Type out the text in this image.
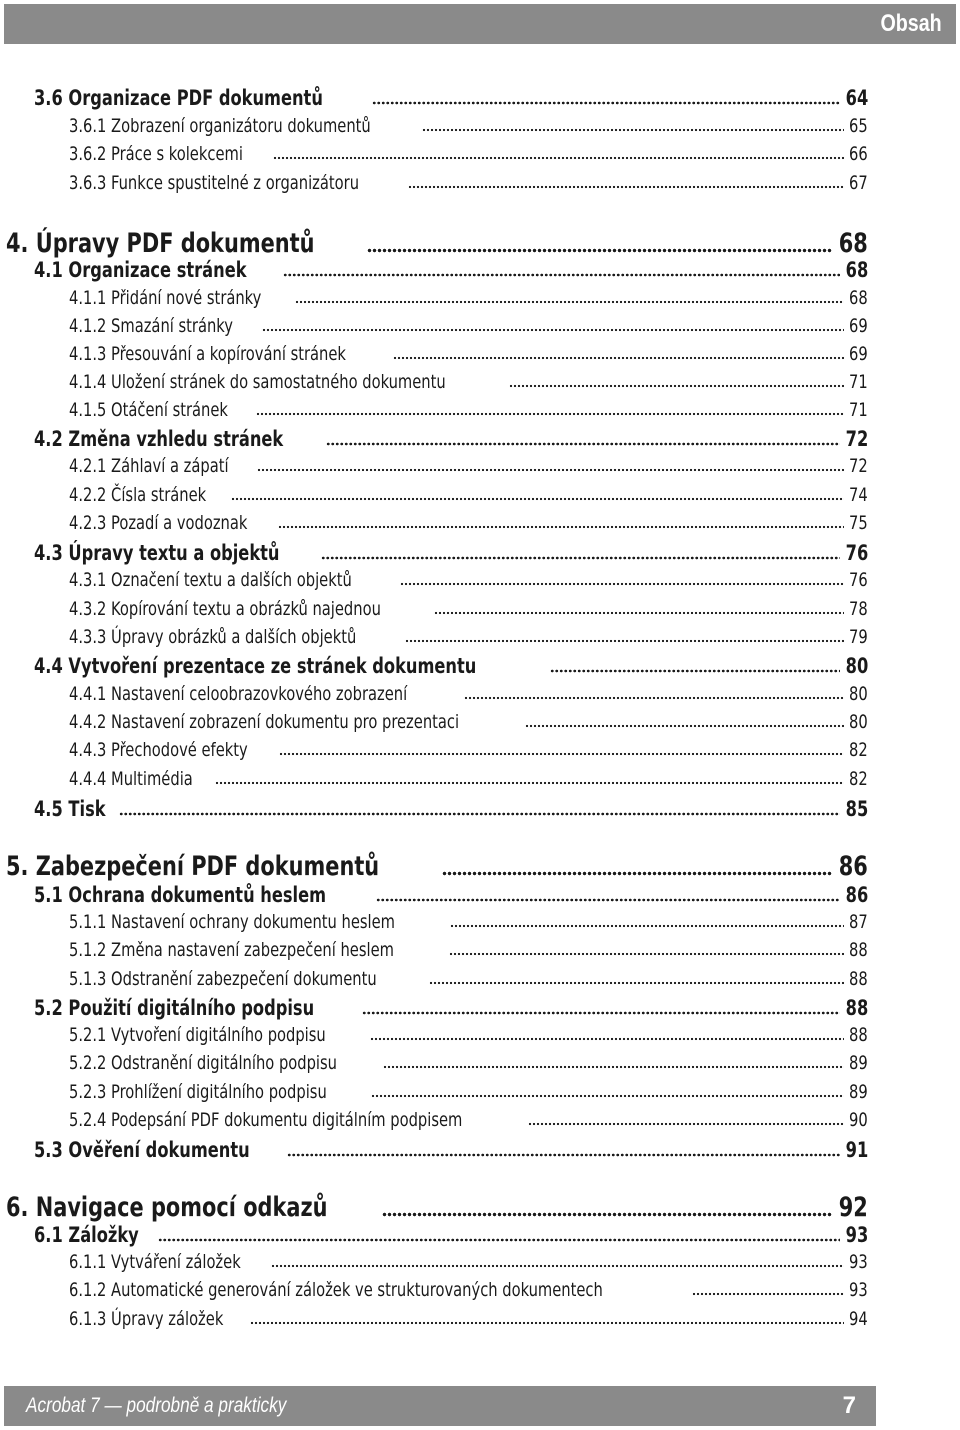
Obsah
3.6 Organizace PDF dokumentů	64
3.6.1 Zobrazení organizátoru dokumentů	65
3.6.2 Práce s kolekcemi	66
3.6.3 Funkce spustitelné z organizátoru	67
4. Úpravy PDF dokumentů	68
4.1 Organizace stránek	68
4.1.1 Přidání nové stránky	68
4.1.2 Smazání stránky	69
4.1.3 Přesouvání a kopírování stránek	69
4.1.4 Uložení stránek do samostatného dokumentu	71
4.1.5 Otáčení stránek	71
4.2 Změna vzhledu stránek	72
4.2.1 Záhlaví a zápatí	72
4.2.2 Čísla stránek	74
4.2.3 Pozadí a vodoznak	75
4.3 Úpravy textu a objektů	76
4.3.1 Označení textu a dalších objektů	76
4.3.2 Kopírování textu a obrázků najednou	78
4.3.3 Úpravy obrázků a dalších objektů	79
4.4 Vytvoření prezentace ze stránek dokumentu	80
4.4.1 Nastavení celoobrazovkového zobrazení	80
4.4.2 Nastavení zobrazení dokumentu pro prezentaci	80
4.4.3 Přechodové efekty	82
4.4.4 Multimédia	82
4.5 Tisk	85
5. Zabezpečení PDF dokumentů	86
5.1 Ochrana dokumentů heslem	86
5.1.1 Nastavení ochrany dokumentu heslem	87
5.1.2 Změna nastavení zabezpečení heslem	88
5.1.3 Odstranění zabezpečení dokumentu	88
5.2 Použití digitálního podpisu	88
5.2.1 Vytvoření digitálního podpisu	88
5.2.2 Odstranění digitálního podpisu	89
5.2.3 Prohlížení digitálního podpisu	89
5.2.4 Podepsání PDF dokumentu digitálním podpisem	90
5.3 Ověření dokumentu	91
6. Navigace pomocí odkazů	92
6.1 Záložky	93
6.1.1 Vytváření záložek	93
6.1.2 Automatické generování záložek ve strukturovaných dokumentech	93
6.1.3 Úpravy záložek	94
Acrobat 7 — podrobně a prakticky	7
